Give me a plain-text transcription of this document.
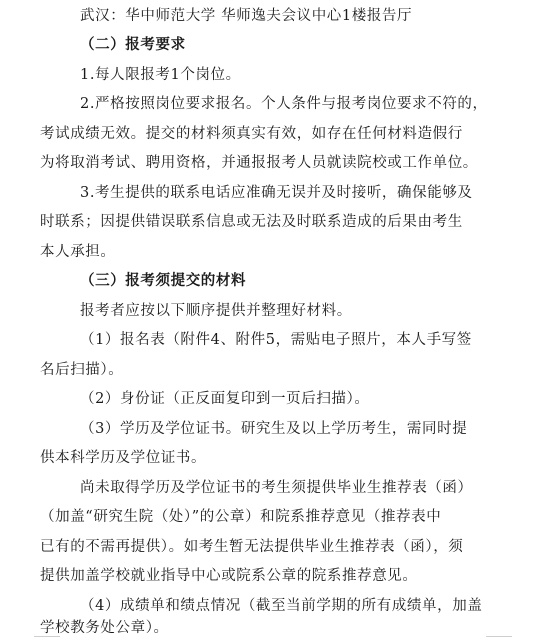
武汉：华中师范大学 华师逸夫会议中心1楼报告厅
（二）报考要求
1.每人限报考1个岗位。
2.严格按照岗位要求报名。个人条件与报考岗位要求不符的，
考试成绩无效。提交的材料须真实有效，如存在任何材料造假行
为将取消考试、聘用资格，并通报报考人员就读院校或工作单位。
3.考生提供的联系电话应准确无误并及时接听，确保能够及
时联系；因提供错误联系信息或无法及时联系造成的后果由考生
本人承担。
（三）报考须提交的材料
报考者应按以下顺序提供并整理好材料。
（1）报名表（附件4、附件5，需贴电子照片，本人手写签
名后扫描）。
（2）身份证（正反面复印到一页后扫描）。
（3）学历及学位证书。研究生及以上学历考生，需同时提
供本科学历及学位证书。
尚未取得学历及学位证书的考生须提供毕业生推荐表（函）
（加盖“研究生院（处）”的公章）和院系推荐意见（推荐表中
已有的不需再提供）。如考生暂无法提供毕业生推荐表（函），须
提供加盖学校就业指导中心或院系公章的院系推荐意见。
（4）成绩单和绩点情况（截至当前学期的所有成绩单，加盖
学校教务处公章）。
